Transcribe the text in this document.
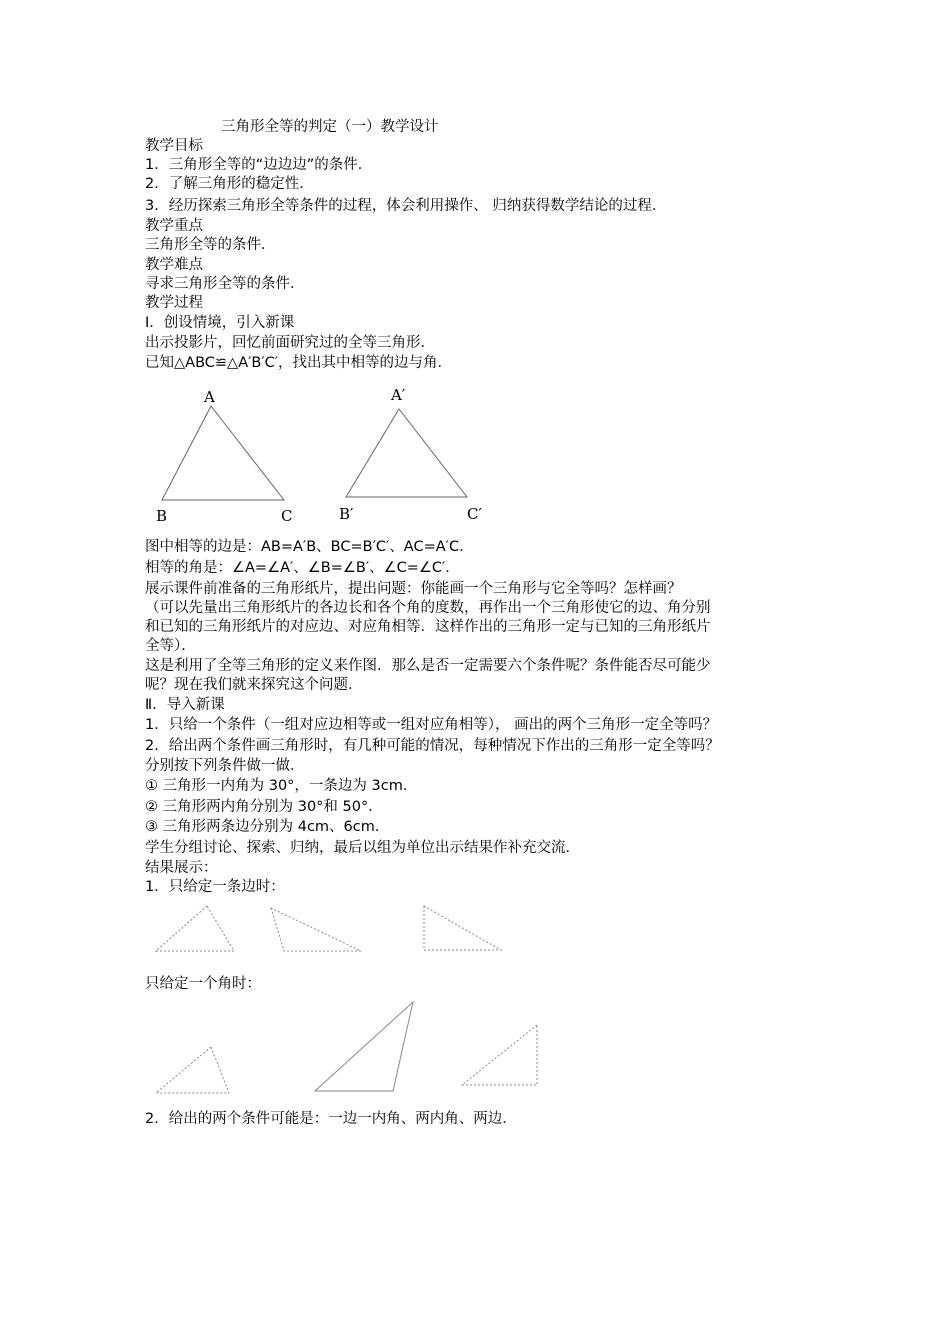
三角形全等的判定（一）教学设计
教学目标
1．三角形全等的“边边边”的条件．
2．了解三角形的稳定性．
3．经历探索三角形全等条件的过程，体会利用操作、 归纳获得数学结论的过程．
教学重点
三角形全等的条件．
教学难点
寻求三角形全等的条件．
教学过程
Ⅰ．创设情境，引入新课
出示投影片，回忆前面研究过的全等三角形．
已知△ABC≌△A′B′C′，找出其中相等的边与角．
A
B	C
A′
B′	C′
图中相等的边是：AB=A′B、BC=B′C′、AC=A′C．
相等的角是：∠A=∠A′、∠B=∠B′、∠C=∠C′．
展示课件前准备的三角形纸片，提出问题：你能画一个三角形与它全等吗？怎样画？
（可以先量出三角形纸片的各边长和各个角的度数，再作出一个三角形使它的边、角分别
和已知的三角形纸片的对应边、对应角相等．这样作出的三角形一定与已知的三角形纸片
全等）．
这是利用了全等三角形的定义来作图．那么是否一定需要六个条件呢？条件能否尽可能少
呢？现在我们就来探究这个问题．
Ⅱ．导入新课
1．只给一个条件（一组对应边相等或一组对应角相等）， 画出的两个三角形一定全等吗？
2．给出两个条件画三角形时，有几种可能的情况，每种情况下作出的三角形一定全等吗？
分别按下列条件做一做．
① 三角形一内角为 30°，一条边为 3cm．
② 三角形两内角分别为 30°和 50°．
③ 三角形两条边分别为 4cm、6cm．
学生分组讨论、探索、归纳，最后以组为单位出示结果作补充交流．
结果展示：
1．只给定一条边时：
只给定一个角时：
2．给出的两个条件可能是：一边一内角、两内角、两边．
